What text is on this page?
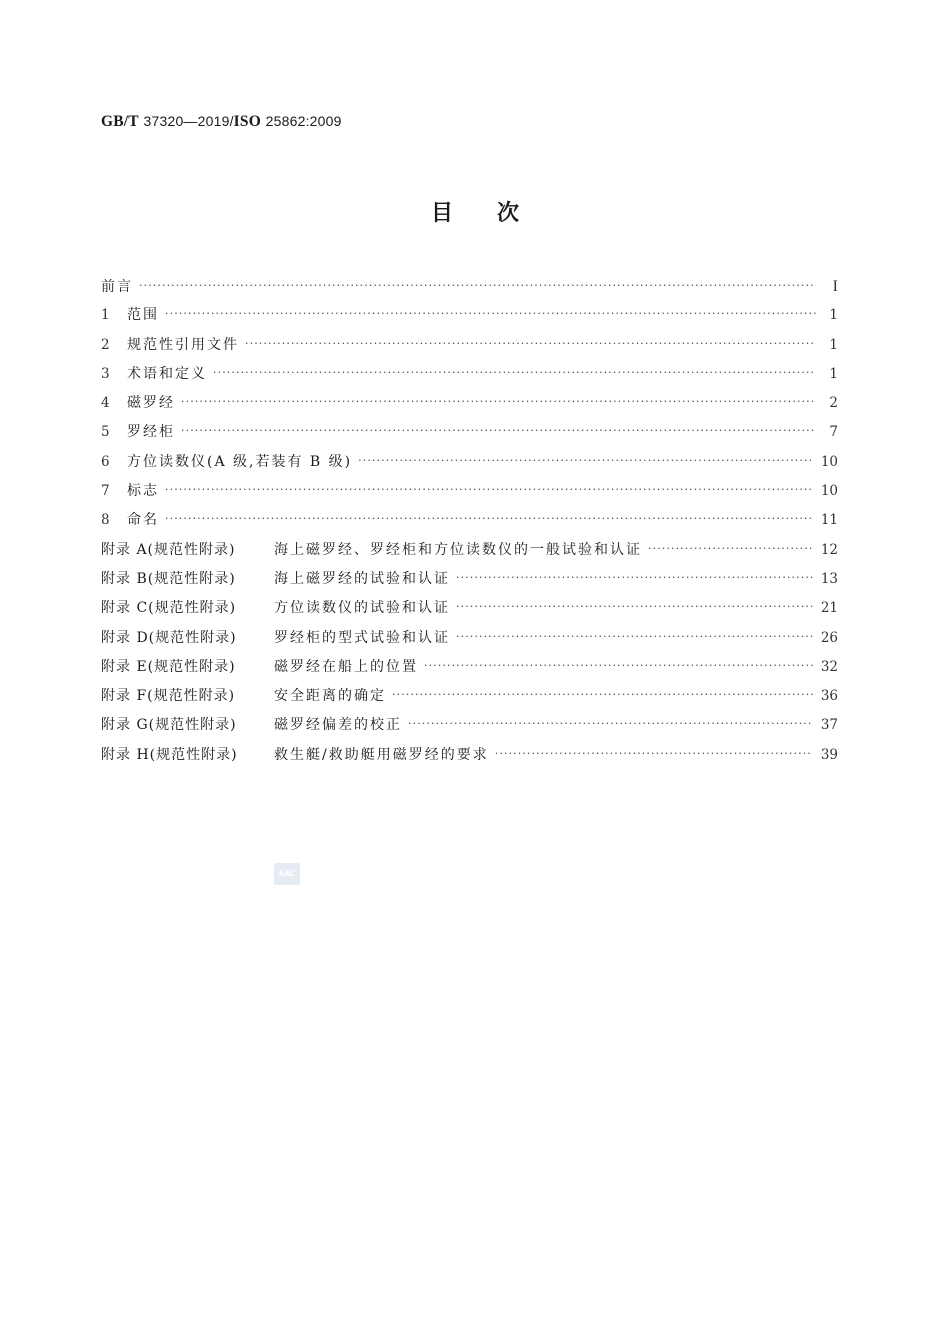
GB/T 37320—2019/ISO 25862:2009
目次
前言 ·····	I
1	范围 ·····	1
2	规范性引用文件 ·····	1
3	术语和定义 ·····	1
4	磁罗经 ·····	2
5	罗经柜 ·····	7
6	方位读数仪(A 级,若装有 B 级) ·····	10
7	标志 ·····	10
8	命名 ·····	11
附录 A(规范性附录)	海上磁罗经、罗经柜和方位读数仪的一般试验和认证 ·····	12
附录 B(规范性附录)	海上磁罗经的试验和认证 ·····	13
附录 C(规范性附录)	方位读数仪的试验和认证 ·····	21
附录 D(规范性附录)	罗经柜的型式试验和认证 ·····	26
附录 E(规范性附录)	磁罗经在船上的位置 ·····	32
附录 F(规范性附录)	安全距离的确定 ·····	36
附录 G(规范性附录)	磁罗经偏差的校正 ·····	37
附录 H(规范性附录)	救生艇/救助艇用磁罗经的要求 ·····	39
SAC
